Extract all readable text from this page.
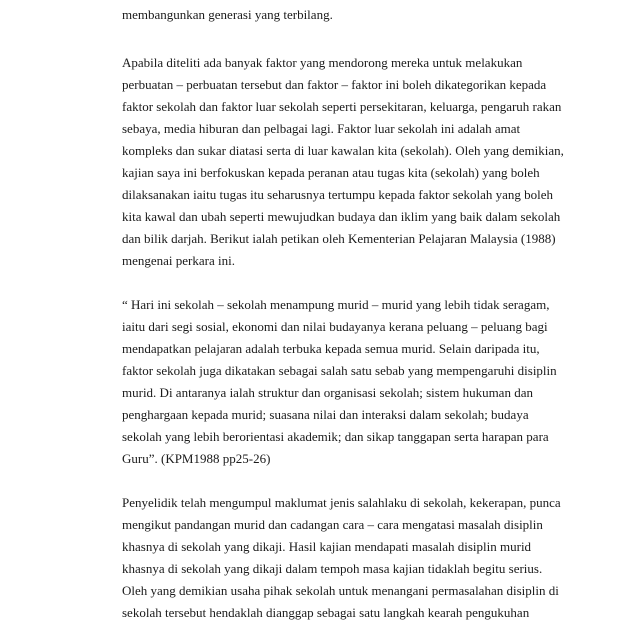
membangunkan generasi yang terbilang.
Apabila diteliti ada banyak faktor yang mendorong mereka untuk melakukan
perbuatan – perbuatan tersebut dan faktor – faktor ini boleh dikategorikan kepada
faktor sekolah dan faktor luar sekolah seperti persekitaran, keluarga, pengaruh rakan
sebaya, media hiburan dan pelbagai lagi. Faktor luar sekolah ini adalah amat
kompleks dan sukar diatasi serta di luar kawalan kita (sekolah). Oleh yang demikian,
kajian saya ini berfokuskan kepada peranan atau tugas kita (sekolah) yang boleh
dilaksanakan iaitu tugas itu seharusnya tertumpu kepada faktor sekolah yang boleh
kita kawal dan ubah seperti mewujudkan budaya dan iklim yang baik dalam sekolah
dan bilik darjah. Berikut ialah petikan oleh Kementerian Pelajaran Malaysia (1988)
mengenai perkara ini.
“ Hari ini sekolah – sekolah menampung murid – murid yang lebih tidak seragam,
iaitu dari segi sosial, ekonomi dan nilai budayanya kerana peluang – peluang bagi
mendapatkan pelajaran adalah terbuka kepada semua murid. Selain daripada itu,
faktor sekolah juga dikatakan sebagai salah satu sebab yang mempengaruhi disiplin
murid. Di antaranya ialah struktur dan organisasi sekolah; sistem hukuman dan
penghargaan kepada murid; suasana nilai dan interaksi dalam sekolah; budaya
sekolah yang lebih berorientasi akademik; dan sikap tanggapan serta harapan para
Guru”. (KPM1988 pp25-26)
Penyelidik telah mengumpul maklumat jenis salahlaku di sekolah, kekerapan, punca
mengikut pandangan murid dan cadangan cara – cara mengatasi masalah disiplin
khasnya di sekolah yang dikaji. Hasil kajian mendapati masalah disiplin murid
khasnya di sekolah yang dikaji dalam tempoh masa kajian tidaklah begitu serius.
Oleh yang demikian usaha pihak sekolah untuk menangani permasalahan disiplin di
sekolah tersebut hendaklah dianggap sebagai satu langkah kearah pengukuhan
